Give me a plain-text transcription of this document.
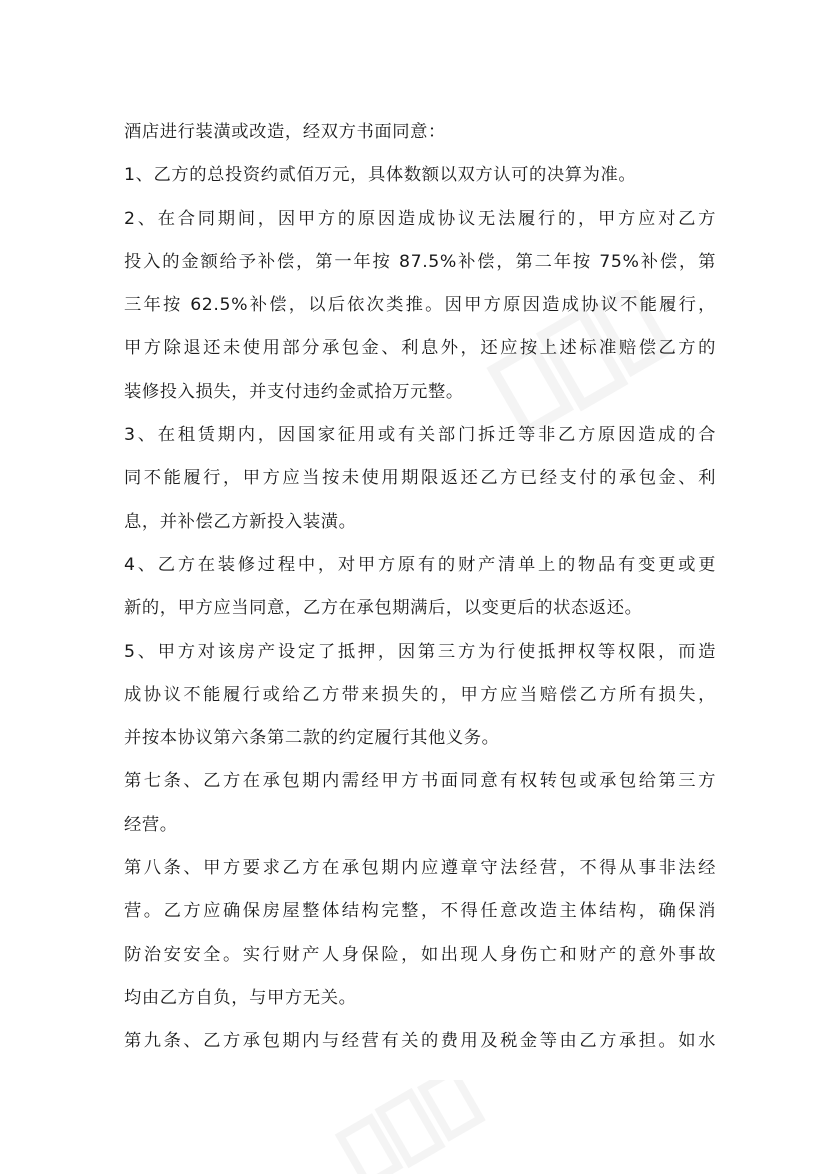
酒店进行装潢或改造，经双方书面同意：
1、乙方的总投资约贰佰万元，具体数额以双方认可的决算为准。
2、在合同期间，因甲方的原因造成协议无法履行的，甲方应对乙方
投入的金额给予补偿，第一年按 87.5%补偿，第二年按 75%补偿，第
三年按 62.5%补偿，以后依次类推。因甲方原因造成协议不能履行，
甲方除退还未使用部分承包金、利息外，还应按上述标准赔偿乙方的
装修投入损失，并支付违约金贰拾万元整。
3、在租赁期内，因国家征用或有关部门拆迁等非乙方原因造成的合
同不能履行，甲方应当按未使用期限返还乙方已经支付的承包金、利
息，并补偿乙方新投入装潢。
4、乙方在装修过程中，对甲方原有的财产清单上的物品有变更或更
新的，甲方应当同意，乙方在承包期满后，以变更后的状态返还。
5、甲方对该房产设定了抵押，因第三方为行使抵押权等权限，而造
成协议不能履行或给乙方带来损失的，甲方应当赔偿乙方所有损失，
并按本协议第六条第二款的约定履行其他义务。
第七条、乙方在承包期内需经甲方书面同意有权转包或承包给第三方
经营。
第八条、甲方要求乙方在承包期内应遵章守法经营，不得从事非法经
营。乙方应确保房屋整体结构完整，不得任意改造主体结构，确保消
防治安安全。实行财产人身保险，如出现人身伤亡和财产的意外事故
均由乙方自负，与甲方无关。
第九条、乙方承包期内与经营有关的费用及税金等由乙方承担。如水
